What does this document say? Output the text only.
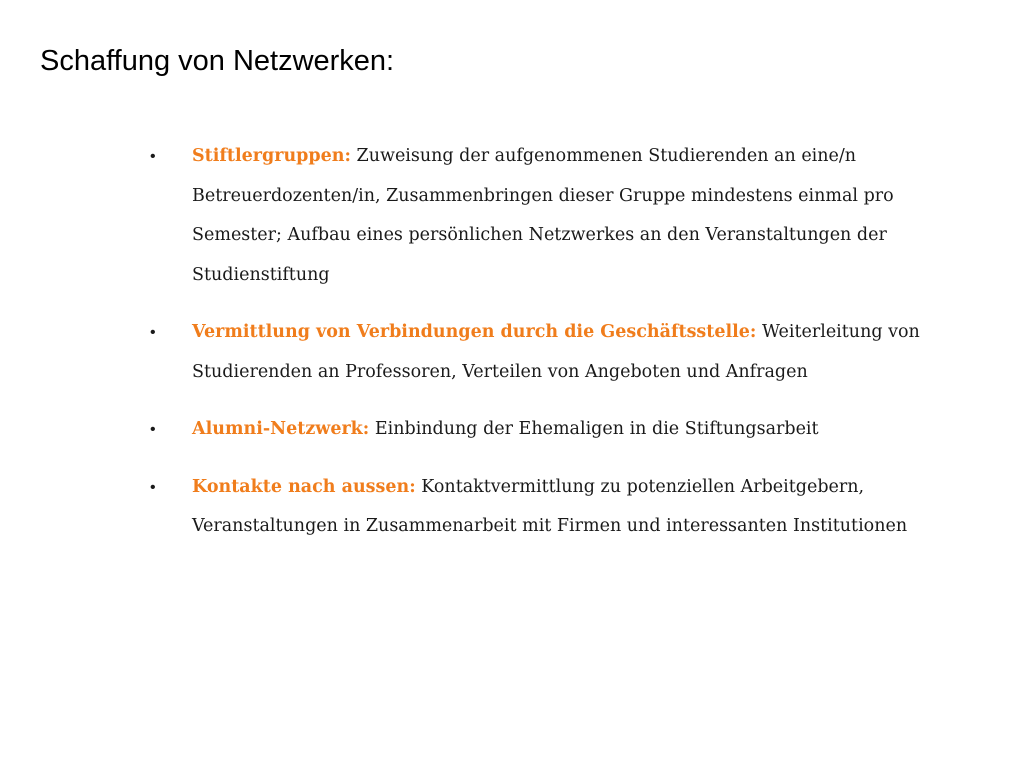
Schaffung von Netzwerken:
• Stiftlergruppen: Zuweisung der aufgenommenen Studierenden an eine/n Betreuerdozenten/in, Zusammenbringen dieser Gruppe mindestens einmal pro Semester; Aufbau eines persönlichen Netzwerkes an den Veranstaltungen der Studienstiftung
• Vermittlung von Verbindungen durch die Geschäftsstelle: Weiterleitung von Studierenden an Professoren, Verteilen von Angeboten und Anfragen
• Alumni-Netzwerk: Einbindung der Ehemaligen in die Stiftungsarbeit
• Kontakte nach aussen: Kontaktvermittlung zu potenziellen Arbeitgebern, Veranstaltungen in Zusammenarbeit mit Firmen und interessanten Institutionen
